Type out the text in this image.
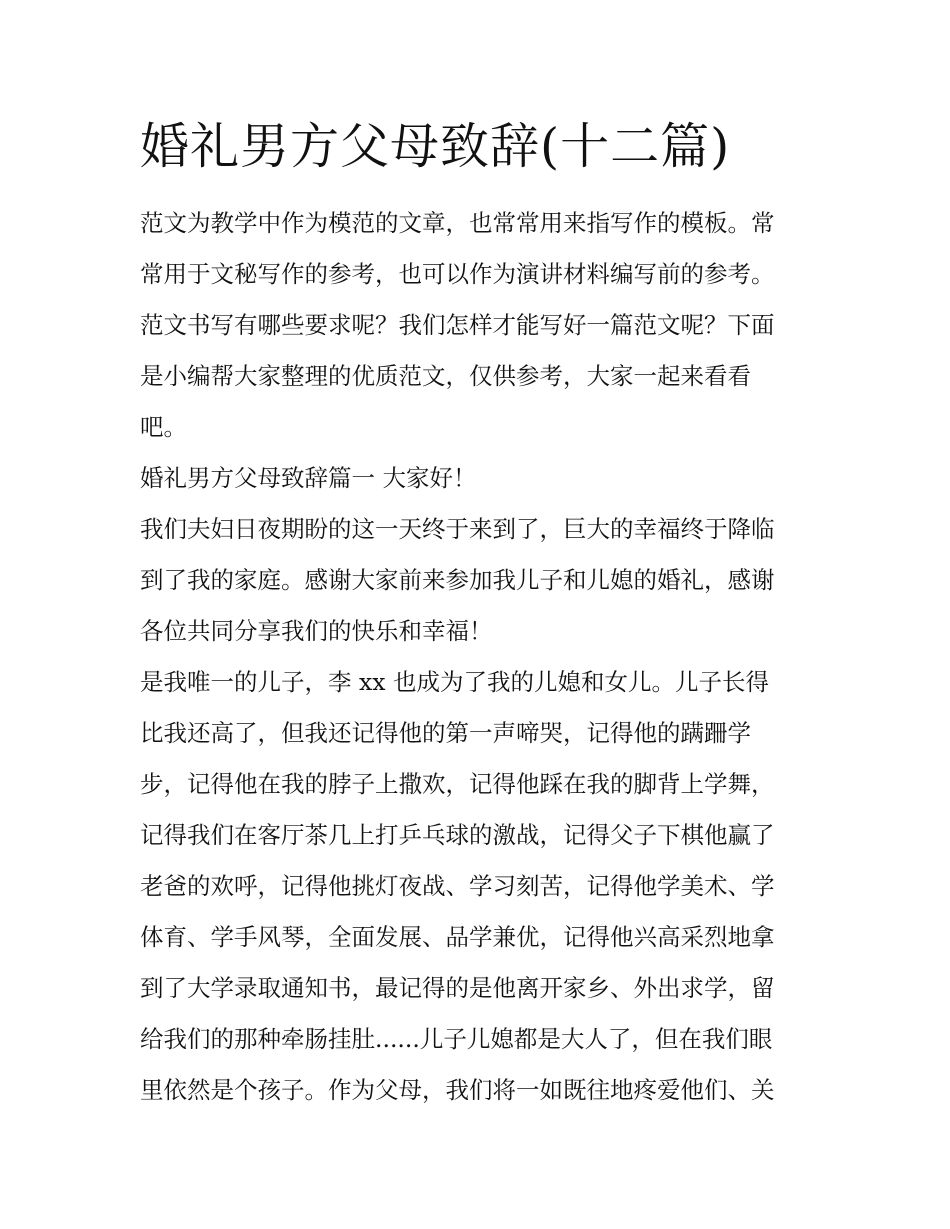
婚礼男方父母致辞(十二篇)
范文为教学中作为模范的文章，也常常用来指写作的模板。常
常用于文秘写作的参考，也可以作为演讲材料编写前的参考。
范文书写有哪些要求呢？我们怎样才能写好一篇范文呢？下面
是小编帮大家整理的优质范文，仅供参考，大家一起来看看
吧。
婚礼男方父母致辞篇一 大家好！
我们夫妇日夜期盼的这一天终于来到了，巨大的幸福终于降临
到了我的家庭。感谢大家前来参加我儿子和儿媳的婚礼，感谢
各位共同分享我们的快乐和幸福！
是我唯一的儿子，李 xx 也成为了我的儿媳和女儿。儿子长得
比我还高了，但我还记得他的第一声啼哭，记得他的蹒跚学
步，记得他在我的脖子上撒欢，记得他踩在我的脚背上学舞，
记得我们在客厅茶几上打乒乓球的激战，记得父子下棋他赢了
老爸的欢呼，记得他挑灯夜战、学习刻苦，记得他学美术、学
体育、学手风琴，全面发展、品学兼优，记得他兴高采烈地拿
到了大学录取通知书，最记得的是他离开家乡、外出求学，留
给我们的那种牵肠挂肚......儿子儿媳都是大人了，但在我们眼
里依然是个孩子。作为父母，我们将一如既往地疼爱他们、关
